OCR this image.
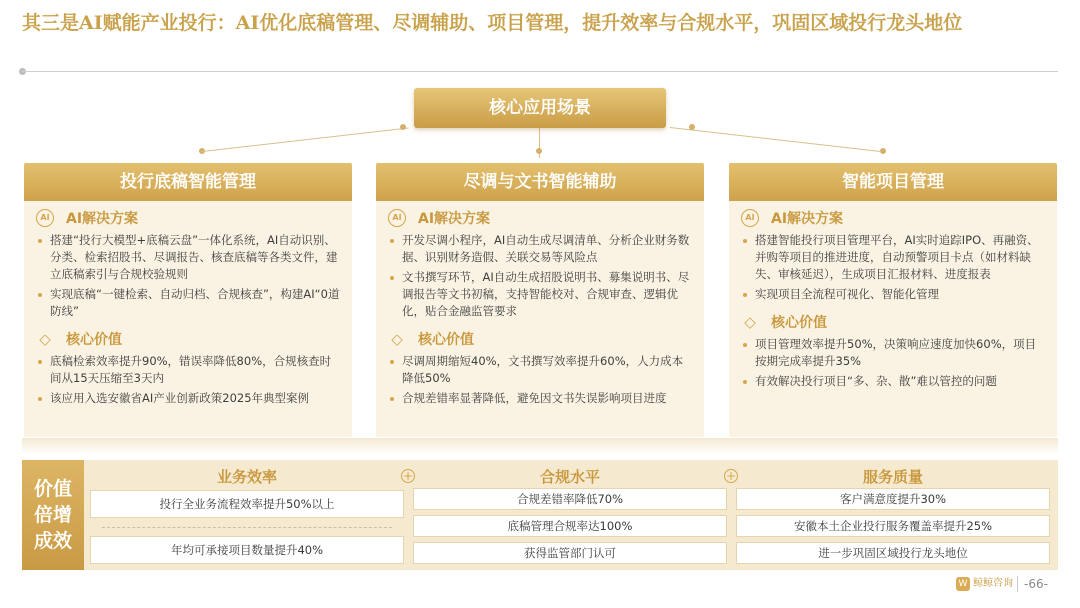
其三是AI赋能产业投行：AI优化底稿管理、尽调辅助、项目管理，提升效率与合规水平，巩固区域投行龙头地位
核心应用场景
投行底稿智能管理
AI	AI解决方案
搭建“投行大模型+底稿云盘”一体化系统，AI自动识别、分类、检索招股书、尽调报告、核查底稿等各类文件，建立底稿索引与合规校验规则
实现底稿“一键检索、自动归档、合规核查”，构建AI“0道防线”
◇ 核心价值
底稿检索效率提升90%，错误率降低80%，合规核查时间从15天压缩至3天内
该应用入选安徽省AI产业创新政策2025年典型案例
尽调与文书智能辅助
AI	AI解决方案
开发尽调小程序，AI自动生成尽调清单、分析企业财务数据、识别财务造假、关联交易等风险点
文书撰写环节，AI自动生成招股说明书、募集说明书、尽调报告等文书初稿，支持智能校对、合规审查、逻辑优化，贴合金融监管要求
◇ 核心价值
尽调周期缩短40%，文书撰写效率提升60%，人力成本降低50%
合规差错率显著降低，避免因文书失误影响项目进度
智能项目管理
AI	AI解决方案
搭建智能投行项目管理平台，AI实时追踪IPO、再融资、并购等项目的推进进度，自动预警项目卡点（如材料缺失、审核延迟），生成项目汇报材料、进度报表
实现项目全流程可视化、智能化管理
◇ 核心价值
项目管理效率提升50%，决策响应速度加快60%，项目按期完成率提升35%
有效解决投行项目“多、杂、散”难以管控的问题
价值
倍增
成效
业务效率
投行全业务流程效率提升50%以上
年均可承接项目数量提升40%
+	合规水平
合规差错率降低70%
底稿管理合规率达100%
获得监管部门认可
+	服务质量
客户满意度提升30%
安徽本土企业投行服务覆盖率提升25%
进一步巩固区域投行龙头地位
W 鲸鲸咨询 -66-
